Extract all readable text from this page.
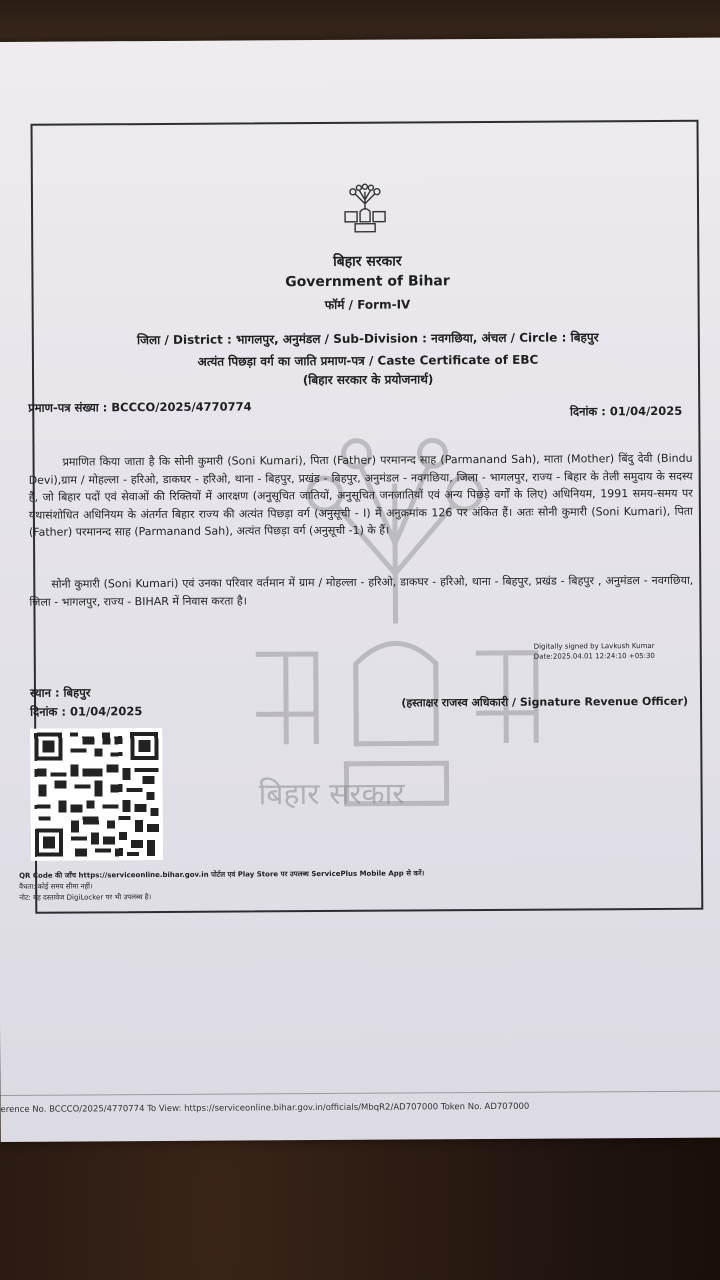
बिहार सरकार
Government of Bihar
फॉर्म / Form-IV
जिला / District : भागलपुर, अनुमंडल / Sub-Division : नवगछिया, अंचल / Circle : बिहपुर
अत्यंत पिछड़ा वर्ग का जाति प्रमाण-पत्र / Caste Certificate of EBC
(बिहार सरकार के प्रयोजनार्थ)
प्रमाण-पत्र संख्या : BCCCO/2025/4770774	दिनांक : 01/04/2025
बिहार सरकार
प्रमाणित किया जाता है कि सोनी कुमारी (Soni Kumari), पिता (Father) परमानन्द साह (Parmanand Sah), माता (Mother) बिंदु देवी (Bindu Devi),ग्राम / मोहल्ला - हरिओ, डाकघर - हरिओ, थाना - बिहपुर, प्रखंड - बिहपुर, अनुमंडल - नवगछिया, जिला - भागलपुर, राज्य - बिहार के तेली समुदाय के सदस्य हैं, जो बिहार पदों एवं सेवाओं की रिक्तियों में आरक्षण (अनुसूचित जातियों, अनुसूचित जनजातियों एवं अन्य पिछड़े वर्गों के लिए) अधिनियम, 1991 समय-समय पर यथासंशोधित अधिनियम के अंतर्गत बिहार राज्य की अत्यंत पिछड़ा वर्ग (अनुसूची - I) में अनुक्रमांक 126 पर अंकित हैं। अतः सोनी कुमारी (Soni Kumari), पिता (Father) परमानन्द साह (Parmanand Sah), अत्यंत पिछड़ा वर्ग (अनुसूची -1) के हैं।
सोनी कुमारी (Soni Kumari) एवं उनका परिवार वर्तमान में ग्राम / मोहल्ला - हरिओ, डाकघर - हरिओ, थाना - बिहपुर, प्रखंड - बिहपुर , अनुमंडल - नवगछिया, जिला - भागलपुर, राज्य - BIHAR में निवास करता है।
Digitally signed by Lavkush Kumar
Date:2025.04.01 12:24:10 +05:30
स्थान : बिहपुर
दिनांक : 01/04/2025
(हस्ताक्षर राजस्व अधिकारी / Signature Revenue Officer)
QR Code की जाँच https://serviceonline.bihar.gov.in पोर्टल एवं Play Store पर उपलब्ध ServicePlus Mobile App से करें।
वैधता: कोई समय सीमा नहीं।
नोट: यह दस्तावेज DigiLocker पर भी उपलब्ध है।
erence No. BCCCO/2025/4770774 To View: https://serviceonline.bihar.gov.in/officials/MbqR2/AD707000 Token No. AD707000
